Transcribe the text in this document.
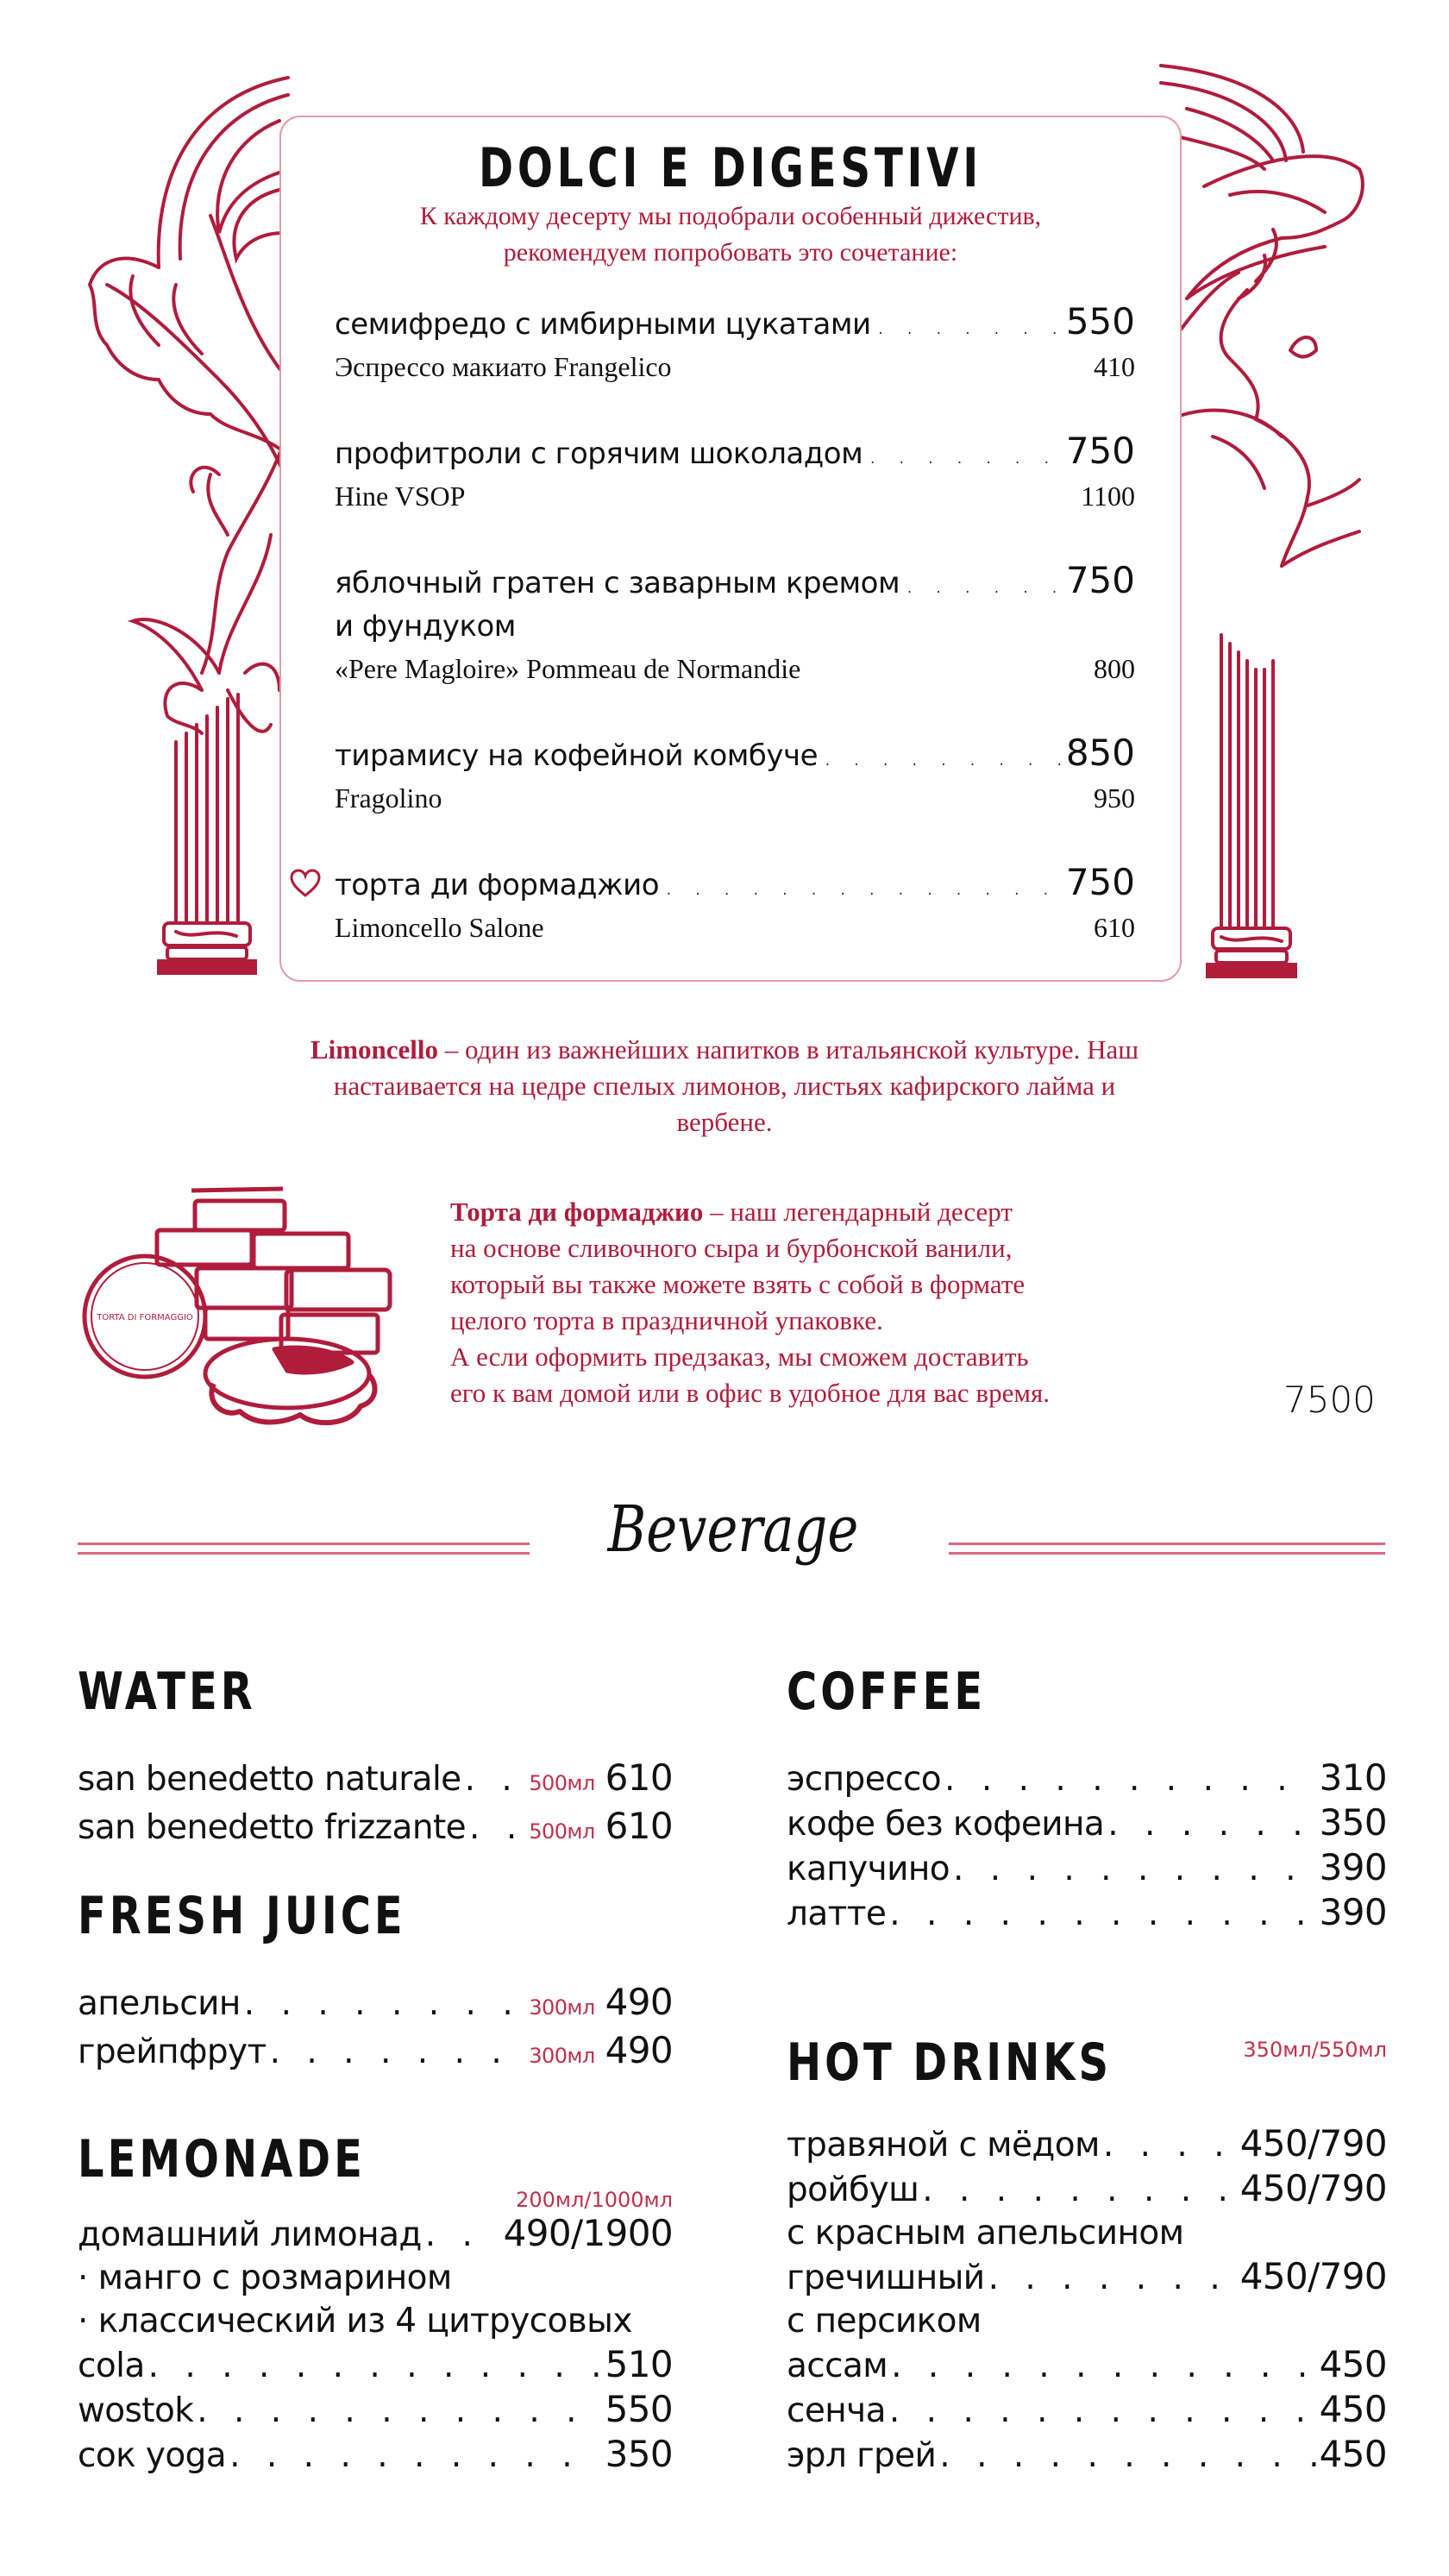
DOLCI E DIGESTIVI
К каждому десерту мы подобрали особенный дижестив,
рекомендуем попробовать это сочетание:
семифредо с имбирными цукатами . . .	550
Эспрессо макиато Frangelico	410
профитроли с горячим шоколадом . . .	750
Hine VSOP	1100
яблочный гратен с заварным кремом . . .	750
и фундуком
«Pere Magloire» Pommeau de Normandie	800
тирамису на кофейной комбуче . . .	850
Fragolino	950
торта ди формаджио . . .	750
Limoncello Salone	610
Limoncello – один из важнейших напитков в итальянской культуре. Наш настаивается на цедре спелых лимонов, листьях кафирского лайма и вербене.
TORTA DI FORMAGGIO
Торта ди формаджио – наш легендарный десерт
на основе сливочного сыра и бурбонской ванили,
который вы также можете взять с собой в формате
целого торта в праздничной упаковке.
А если оформить предзаказ, мы сможем доставить
его к вам домой или в офис в удобное для вас время.	7500
Beverage
WATER
san benedetto naturale . . .	500мл 610
san benedetto frizzante . . .	500мл 610
FRESH JUICE
апельсин . . .	300мл 490
грейпфрут . . .	300мл 490
LEMONADE
200мл/1000мл
домашний лимонад . . . 490/1900
· манго с розмарином
· классический из 4 цитрусовых
cola . . .	510
wostok . . .	550
сок yoga . . .	350
COFFEE
эспрессо . . .	310
кофе без кофеина . . .	350
капучино . . .	390
латте . . .	390
HOT DRINKS	350мл/550мл
травяной с мёдом . . .	450/790
ройбуш . . .	450/790
с красным апельсином
гречишный . . .	450/790
с персиком
ассам . . .	450
сенча . . .	450
эрл грей . . .	450
